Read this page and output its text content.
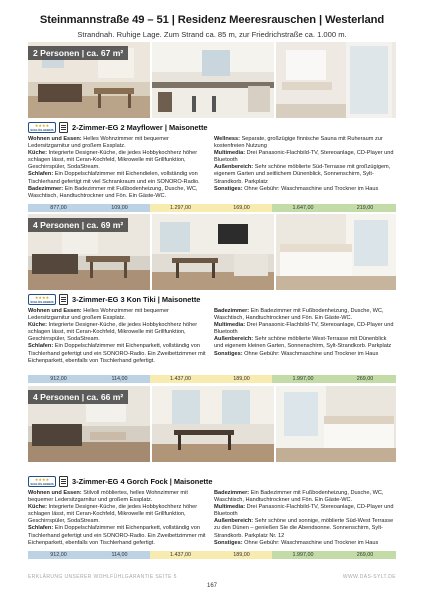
Steinmannstraße 49 – 51 | Residenz Meeresrauschen | Westerland
Strandnah. Ruhige Lage. Zum Strand ca. 85 m, zur Friedrichstraße ca. 1.000 m.
2 Personen | ca. 67 m²
★★★★
SCHLÖS-GEBEIS 2-Zimmer-EG 2 Mayflower | Maisonette
Wohnen und Essen: Helles Wohnzimmer mit bequemer Ledersitzgarnitur und großem Essplatz.
Küche: Integrierte Designer-Küche, die jedes Hobbykochherz höher schlagen lässt, mit Ceran-Kochfeld, Mikrowelle mit Grillfunktion, Geschirrspüler, SodaStream.
Schlafen: Ein Doppelschlafzimmer mit Eichendielen, vollständig von Tischlerhand gefertigt mit viel Schrankraum und ein SONORO-Radio.
Badezimmer: Ein Badezimmer mit Fußbodenheizung, Dusche, WC, Waschtisch, Handtuchtrockner und Fön. Ein Gäste-WC.
Wellness: Separate, großzügige finnische Sauna mit Ruheraum zur kostenfreien Nutzung
Multimedia: Drei Panasonic-Flachbild-TV, Stereoanlage, CD-Player und Bluetooth
Außenbereich: Sehr schöne möblierte Süd-Terrasse mit großzügigem, eigenem Garten und seitlichem Dünenblick, Sonnenschirm, Sylt-Strandkorb. Parkplatz
Sonstiges: Ohne Gebühr: Waschmaschine und Trockner im Haus
877,00	109,00	1.297,00	169,00	1.647,00	219,00
4 Personen | ca. 69 m²
★★★★
SCHLÖS-GEBEIS 3-Zimmer-EG 3 Kon Tiki | Maisonette
Wohnen und Essen: Helles Wohnzimmer mit bequemer Ledersitzgarnitur und großem Essplatz.
Küche: Integrierte Designer-Küche, die jedes Hobbykochherz höher schlagen lässt, mit Ceran-Kochfeld, Mikrowelle mit Grillfunktion, Geschirrspüler, SodaStream.
Schlafen: Ein Doppelschlafzimmer mit Eichenparkett, vollständig von Tischlerhand gefertigt und ein SONORO-Radio. Ein Zweibettzimmer mit Eichenparkett, ebenfalls von Tischlerhand gefertigt.
Badezimmer: Ein Badezimmer mit Fußbodenheizung, Dusche, WC, Waschtisch, Handtuchtrockner und Fön. Ein Gäste-WC.
Multimedia: Drei Panasonic-Flachbild-TV, Stereoanlage, CD-Player und Bluetooth
Außenbereich: Sehr schöne möblierte West-Terrasse mit Dünenblick und eigenem kleinen Garten, Sonnenschirm, Sylt-Strandkorb. Parkplatz
Sonstiges: Ohne Gebühr: Waschmaschine und Trockner im Haus
912,00	114,00	1.437,00	189,00	1.997,00	269,00
4 Personen | ca. 66 m²
★★★★
SCHLÖS-GEBEIS 3-Zimmer-EG 4 Gorch Fock | Maisonette
Wohnen und Essen: Stilvoll möbliertes, helles Wohnzimmer mit bequemer Ledersitzgarnitur und großem Essplatz.
Küche: Integrierte Designer-Küche, die jedes Hobbykochherz höher schlagen lässt, mit Ceran-Kochfeld, Mikrowelle mit Grillfunktion, Geschirrspüler, SodaStream.
Schlafen: Ein Doppelschlafzimmer mit Eichenparkett, vollständig von Tischlerhand gefertigt und ein SONORO-Radio. Ein Zweibettzimmer mit Eichenparkett, ebenfalls von Tischlerhand gefertigt.
Badezimmer: Ein Badezimmer mit Fußbodenheizung, Dusche, WC, Waschtisch, Handtuchtrockner und Fön. Ein Gäste-WC.
Multimedia: Drei Panasonic-Flachbild-TV, Stereoanlage, CD-Player und Bluetooth
Außenbereich: Sehr schöne und sonnige, möblierte Süd-West Terrasse zu den Dünen – genießen Sie die Abendsonne. Sonnenschirm, Sylt-Strandkorb. Parkplatz Nr. 12
Sonstiges: Ohne Gebühr: Waschmaschine und Trockner im Haus
912,00	114,00	1.437,00	189,00	1.997,00	269,00
ERKLÄRUNG UNSERER WOHLFÜHLGARANTIE SEITE 5	WWW.DAS-SYLT.DE
167
